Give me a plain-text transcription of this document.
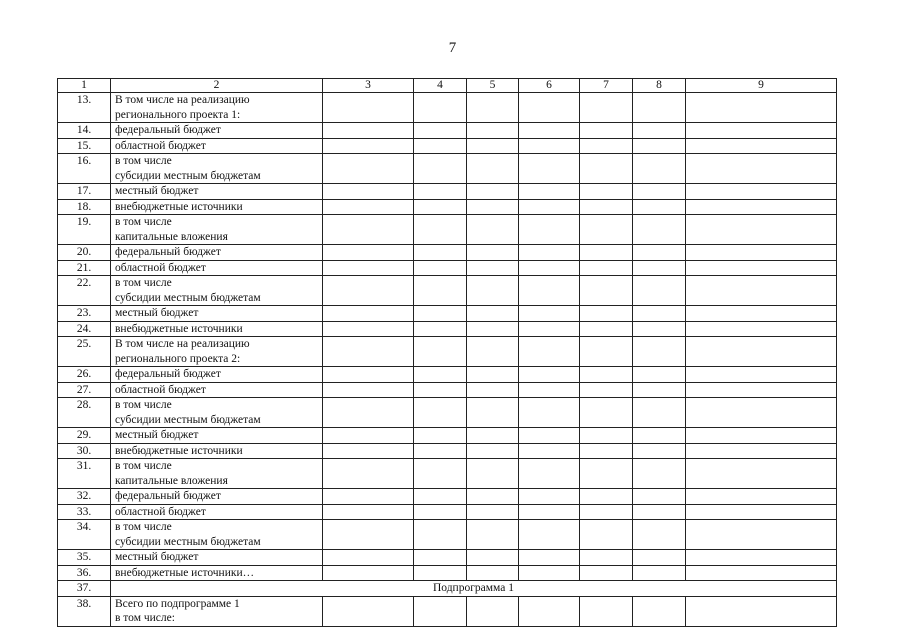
7
1	2	3	4	5	6	7	8	9
13.	В том числе на реализацию
регионального проекта 1:							
14.	федеральный бюджет							
15.	областной бюджет							
16.	в том числе
субсидии местным бюджетам							
17.	местный бюджет							
18.	внебюджетные источники							
19.	в том числе
капитальные вложения							
20.	федеральный бюджет							
21.	областной бюджет							
22.	в том числе
субсидии местным бюджетам							
23.	местный бюджет							
24.	внебюджетные источники							
25.	В том числе на реализацию
регионального проекта 2:							
26.	федеральный бюджет							
27.	областной бюджет							
28.	в том числе
субсидии местным бюджетам							
29.	местный бюджет							
30.	внебюджетные источники							
31.	в том числе
капитальные вложения							
32.	федеральный бюджет							
33.	областной бюджет							
34.	в том числе
субсидии местным бюджетам							
35.	местный бюджет							
36.	внебюджетные источники…							
37.	Подпрограмма 1							
38.	Всего по подпрограмме 1
в том числе:							
